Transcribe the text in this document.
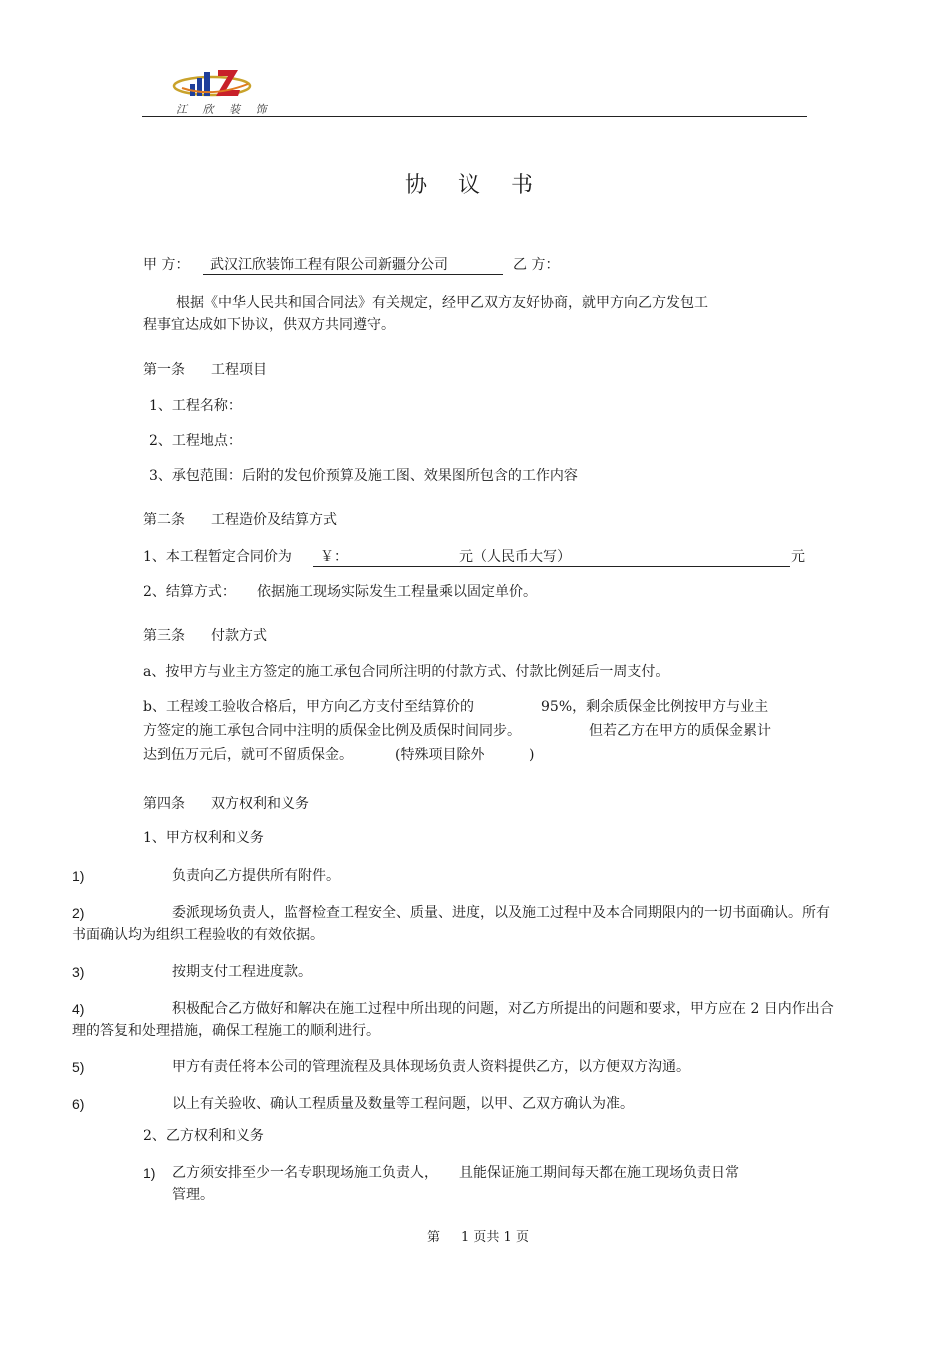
江 欣 装 饰
协 议 书
甲 方：	武汉江欣装饰工程有限公司新疆分公司	乙 方：
根据《中华人民共和国合同法》有关规定，经甲乙双方友好协商，就甲方向乙方发包工
程事宜达成如下协议，供双方共同遵守。
第一条 工程项目
1、工程名称：
2、工程地点：
3、承包范围：后附的发包价预算及施工图、效果图所包含的工作内容
第二条 工程造价及结算方式
1、本工程暂定合同价为 ￥：	元（人民币大写）	元
2、结算方式： 依据施工现场实际发生工程量乘以固定单价。
第三条 付款方式
a、按甲方与业主方签定的施工承包合同所注明的付款方式、付款比例延后一周支付。
b、工程竣工验收合格后，甲方向乙方支付至结算价的	95%，剩余质保金比例按甲方与业主
方签定的施工承包合同中注明的质保金比例及质保时间同步。	但若乙方在甲方的质保金累计
达到伍万元后，就可不留质保金。	(特殊项目除外	)
第四条 双方权利和义务
1、甲方权利和义务
1)	负责向乙方提供所有附件。
2)	委派现场负责人，监督检查工程安全、质量、进度，以及施工过程中及本合同期限内的一切书面确认。所有
书面确认均为组织工程验收的有效依据。
3)	按期支付工程进度款。
4)	积极配合乙方做好和解决在施工过程中所出现的问题，对乙方所提出的问题和要求，甲方应在 2 日内作出合
理的答复和处理措施，确保工程施工的顺利进行。
5)	甲方有责任将本公司的管理流程及具体现场负责人资料提供乙方，以方便双方沟通。
6)	以上有关验收、确认工程质量及数量等工程问题，以甲、乙双方确认为准。
2、乙方权利和义务
1) 乙方须安排至少一名专职现场施工负责人， 且能保证施工期间每天都在施工现场负责日常
管理。
第 1 页共 1 页
